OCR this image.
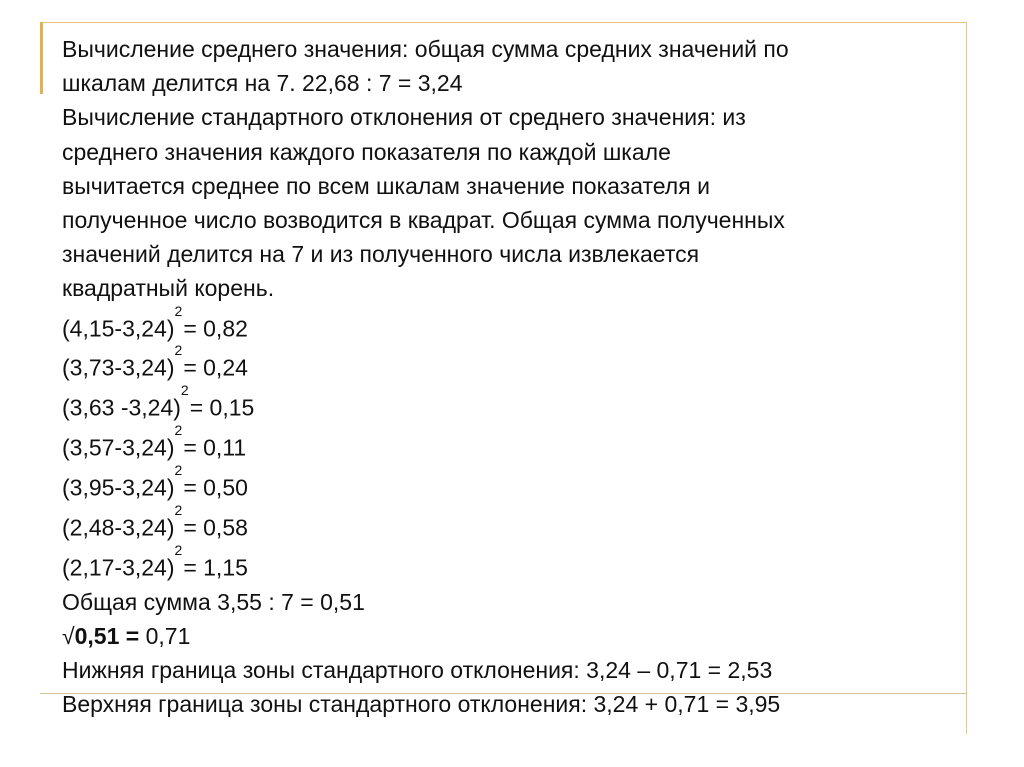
Вычисление среднего значения: общая сумма средних значений по
шкалам делится на 7. 22,68 : 7 = 3,24
Вычисление стандартного отклонения от среднего значения: из
среднего значения каждого показателя по каждой шкале
вычитается среднее по всем шкалам значение показателя и
полученное число возводится в квадрат. Общая сумма полученных
значений делится на 7 и из полученного числа извлекается
квадратный корень.
$(4,15-3,24)^2= 0,82$
$(3,73-3,24)^2= 0,24$
(3,63 -3,24)$^2$= 0,15
$(3,57-3,24)^2= 0,11$
$(3,95-3,24)^2= 0,50$
$(2,48-3,24)^2= 0,58$
$(2,17-3,24)^2= 1,15$
Общая сумма 3,55 : 7 = 0,51
√0,51 = 0,71
Нижняя граница зоны стандартного отклонения: 3,24 – 0,71 = 2,53
Верхняя граница зоны стандартного отклонения: 3,24 + 0,71 = 3,95
